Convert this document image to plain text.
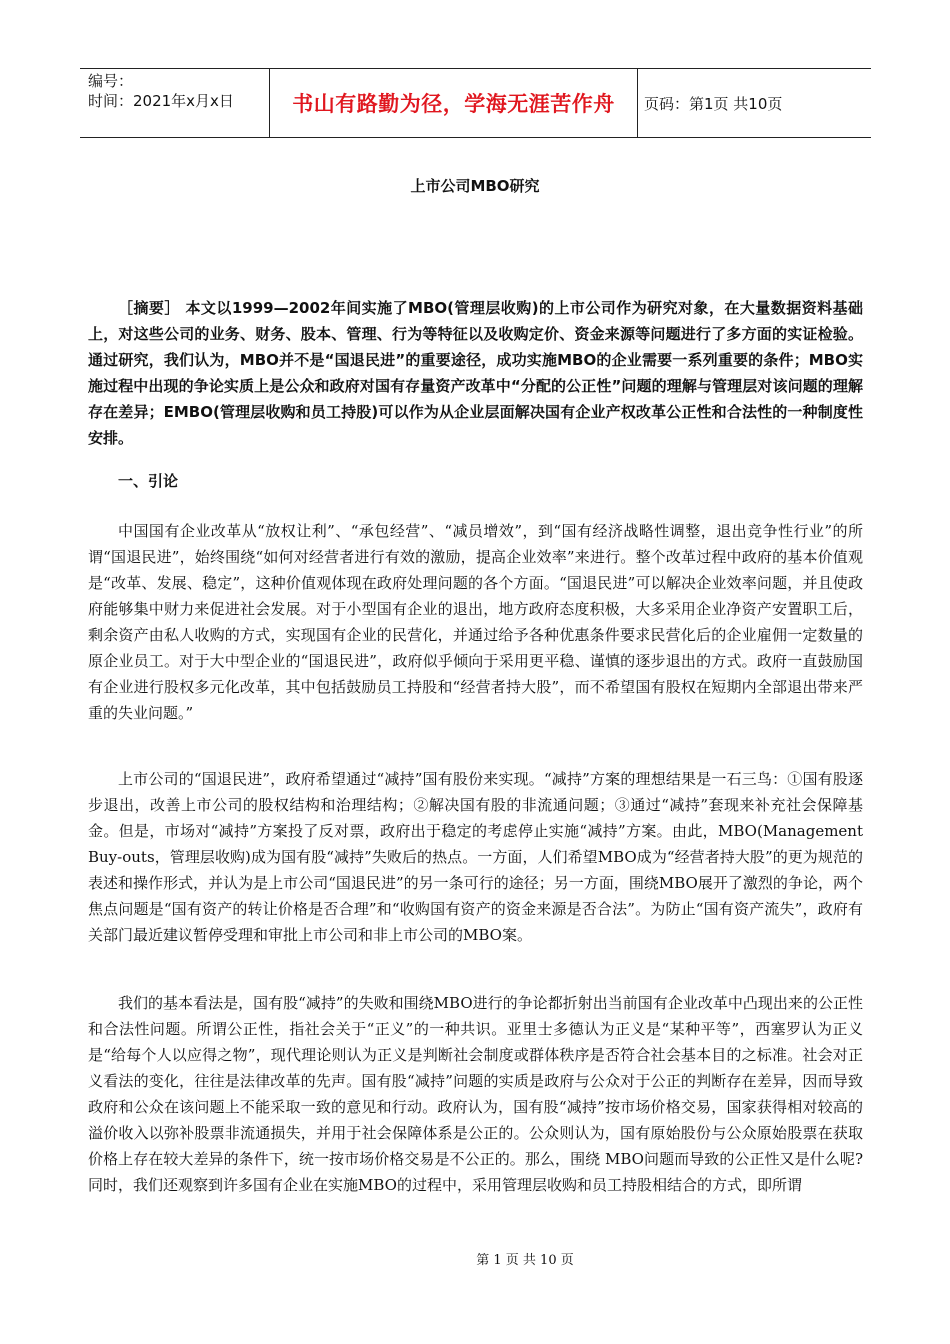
编号：
时间：2021年x月x日	书山有路勤为径，学海无涯苦作舟	页码：第1页 共10页
上市公司MBO研究

［摘要］ 本文以1999—2002年间实施了MBO(管理层收购)的上市公司作为研究对象，在大量数据资料基础上，对这些公司的业务、财务、股本、管理、行为等特征以及收购定价、资金来源等问题进行了多方面的实证检验。通过研究，我们认为，MBO并不是“国退民进”的重要途径，成功实施MBO的企业需要一系列重要的条件；MBO实施过程中出现的争论实质上是公众和政府对国有存量资产改革中“分配的公正性”问题的理解与管理层对该问题的理解存在差异；EMBO(管理层收购和员工持股)可以作为从企业层面解决国有企业产权改革公正性和合法性的一种制度性安排。

一、引论

中国国有企业改革从“放权让利”、“承包经营”、“减员增效”，到“国有经济战略性调整，退出竞争性行业”的所谓“国退民进”，始终围绕“如何对经营者进行有效的激励，提高企业效率”来进行。整个改革过程中政府的基本价值观是“改革、发展、稳定”，这种价值观体现在政府处理问题的各个方面。“国退民进”可以解决企业效率问题，并且使政府能够集中财力来促进社会发展。对于小型国有企业的退出，地方政府态度积极，大多采用企业净资产安置职工后，剩余资产由私人收购的方式，实现国有企业的民营化，并通过给予各种优惠条件要求民营化后的企业雇佣一定数量的原企业员工。对于大中型企业的“国退民进”，政府似乎倾向于采用更平稳、谨慎的逐步退出的方式。政府一直鼓励国有企业进行股权多元化改革，其中包括鼓励员工持股和“经营者持大股”，而不希望国有股权在短期内全部退出带来严重的失业问题。”

上市公司的“国退民进”，政府希望通过“减持”国有股份来实现。“减持”方案的理想结果是一石三鸟：①国有股逐步退出，改善上市公司的股权结构和治理结构；②解决国有股的非流通问题；③通过“减持”套现来补充社会保障基金。但是，市场对“减持”方案投了反对票，政府出于稳定的考虑停止实施“减持”方案。由此，MBO(Management Buy-outs，管理层收购)成为国有股“减持”失败后的热点。一方面，人们希望MBO成为“经营者持大股”的更为规范的表述和操作形式，并认为是上市公司“国退民进”的另一条可行的途径；另一方面，围绕MBO展开了激烈的争论，两个焦点问题是“国有资产的转让价格是否合理”和“收购国有资产的资金来源是否合法”。为防止“国有资产流失”，政府有关部门最近建议暂停受理和审批上市公司和非上市公司的MBO案。

我们的基本看法是，国有股“减持”的失败和围绕MBO进行的争论都折射出当前国有企业改革中凸现出来的公正性和合法性问题。所谓公正性，指社会关于“正义”的一种共识。亚里士多德认为正义是“某种平等”，西塞罗认为正义是“给每个人以应得之物”，现代理论则认为正义是判断社会制度或群体秩序是否符合社会基本目的之标准。社会对正义看法的变化，往往是法律改革的先声。国有股“减持”问题的实质是政府与公众对于公正的判断存在差异，因而导致政府和公众在该问题上不能采取一致的意见和行动。政府认为，国有股“减持”按市场价格交易，国家获得相对较高的溢价收入以弥补股票非流通损失，并用于社会保障体系是公正的。公众则认为，国有原始股份与公众原始股票在获取价格上存在较大差异的条件下，统一按市场价格交易是不公正的。那么，围绕 MBO问题而导致的公正性又是什么呢?同时，我们还观察到许多国有企业在实施MBO的过程中，采用管理层收购和员工持股相结合的方式，即所谓

第 1 页 共 10 页
